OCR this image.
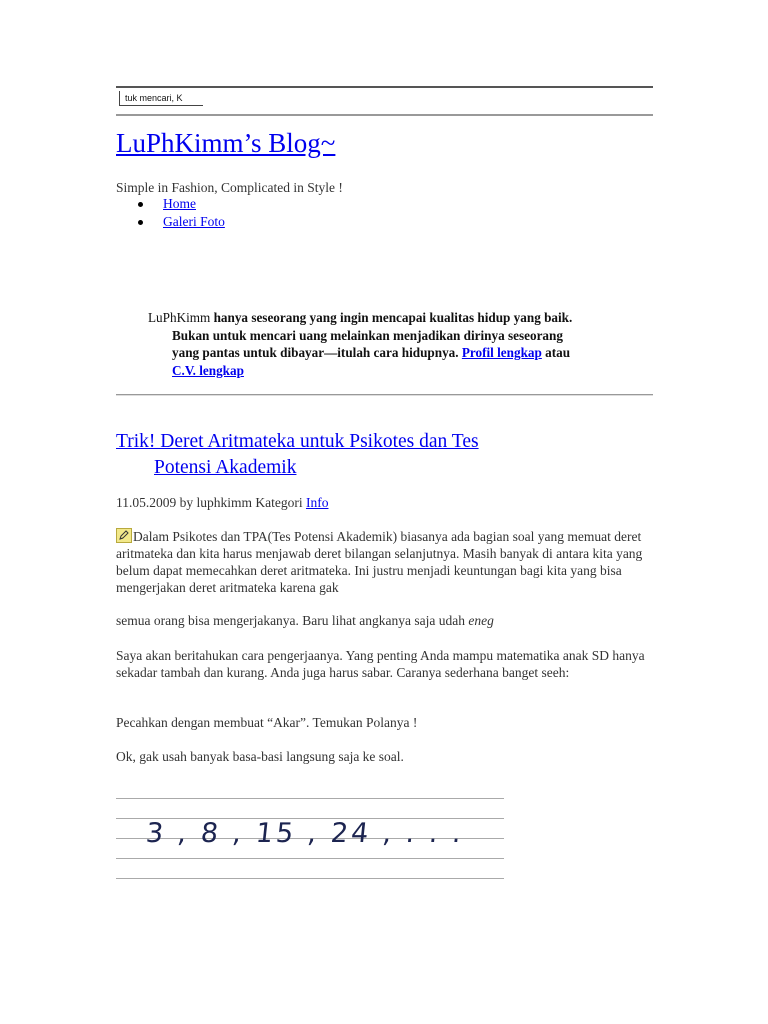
tuk mencari, K
LuPhKimm’s Blog~
Simple in Fashion, Complicated in Style !
Home
Galeri Foto
LuPhKimm hanya seseorang yang ingin mencapai kualitas hidup yang baik.
Bukan untuk mencari uang melainkan menjadikan dirinya seseorang
yang pantas untuk dibayar—itulah cara hidupnya. Profil lengkap atau
C.V. lengkap
Trik! Deret Aritmateka untuk Psikotes dan Tes
Potensi Akademik
11.05.2009 by luphkimm Kategori Info

Dalam Psikotes dan TPA(Tes Potensi Akademik) biasanya ada bagian soal yang memuat deret aritmateka dan kita harus menjawab deret bilangan selanjutnya. Masih banyak di antara kita yang belum dapat memecahkan deret aritmateka. Ini justru menjadi keuntungan bagi kita yang bisa mengerjakan deret aritmateka karena gak

semua orang bisa mengerjakanya. Baru lihat angkanya saja udah eneg

Saya akan beritahukan cara pengerjaanya. Yang penting Anda mampu matematika anak SD hanya sekadar tambah dan kurang. Anda juga harus sabar. Caranya sederhana banget seeh:

Pecahkan dengan membuat “Akar”. Temukan Polanya !

Ok, gak usah banyak basa-basi langsung saja ke soal.

3 , 8 , 15 , 24 , . . .
